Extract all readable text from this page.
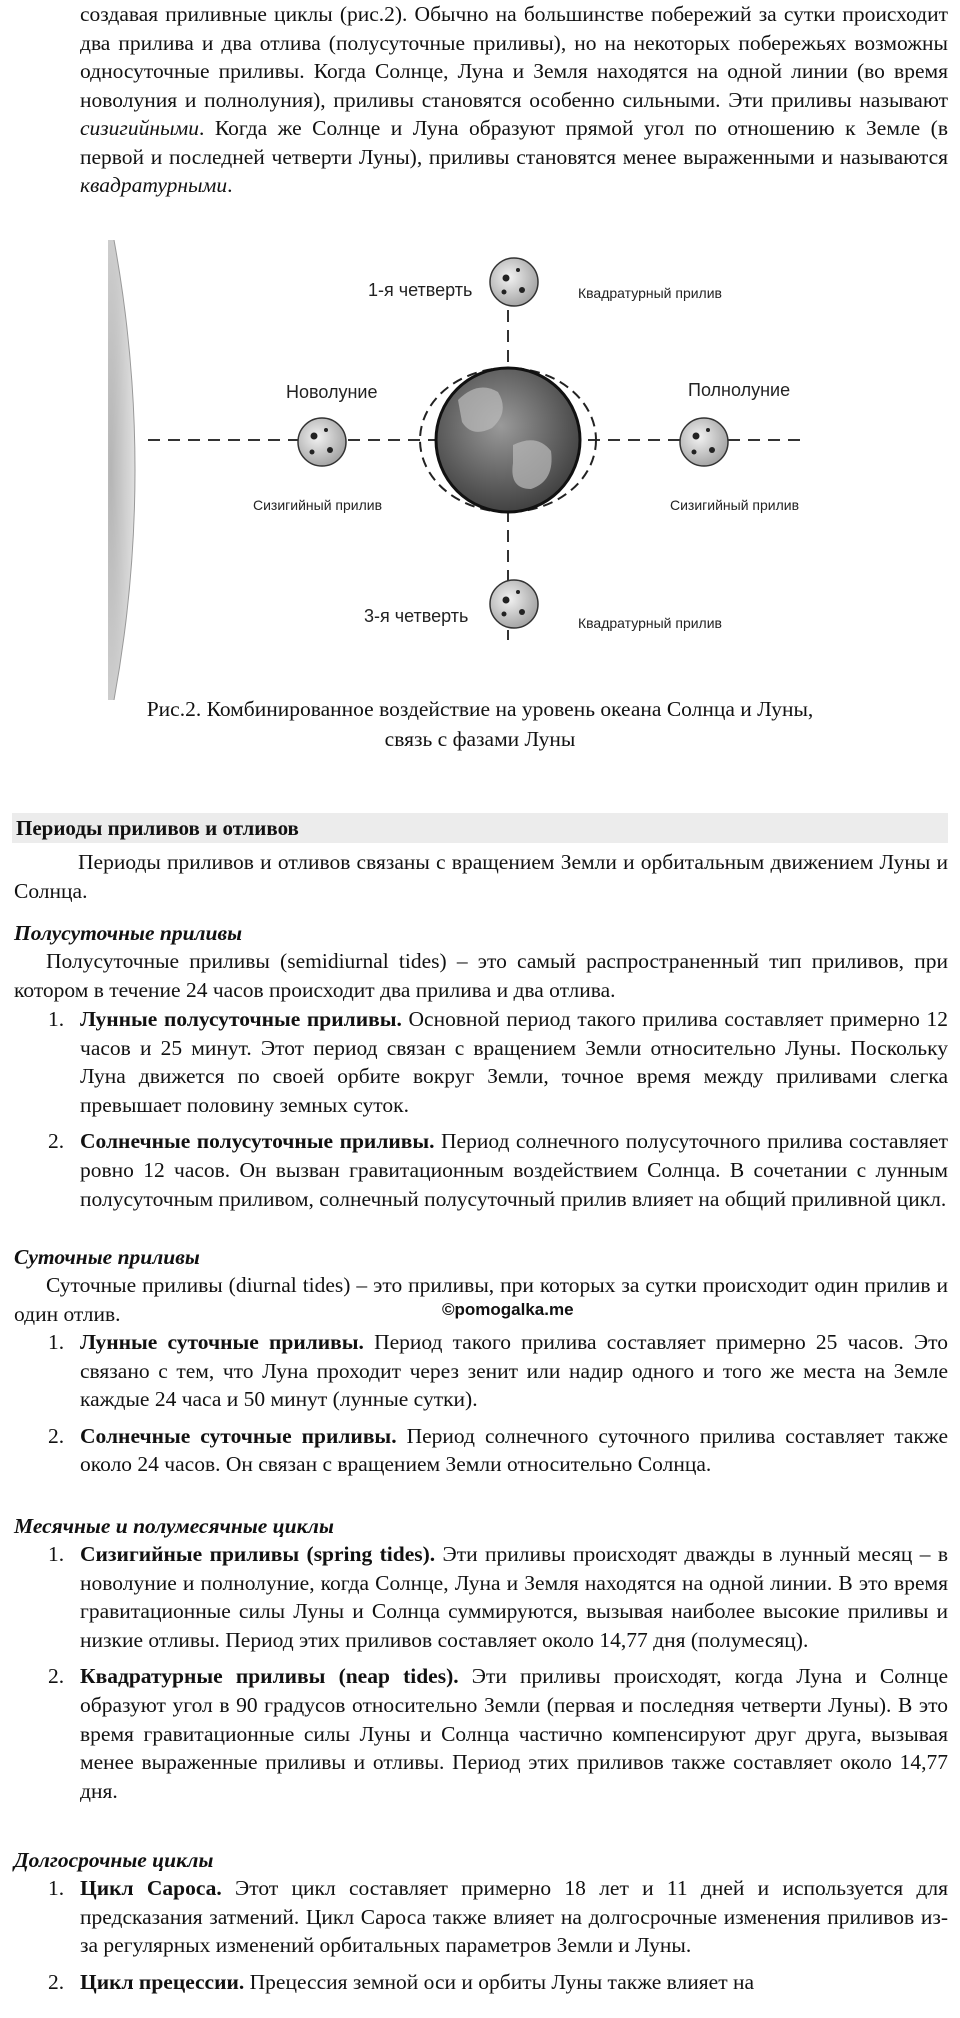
создавая приливные циклы (рис.2). Обычно на большинстве побережий за сутки происходит два прилива и два отлива (полусуточные приливы), но на некоторых побережьях возможны односуточные приливы. Когда Солнце, Луна и Земля находятся на одной линии (во время новолуния и полнолуния), приливы становятся особенно сильными. Эти приливы называют сизигийными. Когда же Солнце и Луна образуют прямой угол по отношению к Земле (в первой и последней четверти Луны), приливы становятся менее выраженными и называются квадратурными.

1-я четверть	Квадратурный прилив
Новолуние	Полнолуние
Сизигийный прилив	Сизигийный прилив
3-я четверть	Квадратурный прилив
Рис.2. Комбинированное воздействие на уровень океана Солнца и Луны,
связь с фазами Луны
Периоды приливов и отливов

Периоды приливов и отливов связаны с вращением Земли и орбитальным движением Луны и Солнца.

Полусуточные приливы

Полусуточные приливы (semidiurnal tides) – это самый распространенный тип приливов, при котором в течение 24 часов происходит два прилива и два отлива.

1. Лунные полусуточные приливы. Основной период такого прилива составляет примерно 12 часов и 25 минут. Этот период связан с вращением Земли относительно Луны. Поскольку Луна движется по своей орбите вокруг Земли, точное время между приливами слегка превышает половину земных суток.
2. Солнечные полусуточные приливы. Период солнечного полусуточного прилива составляет ровно 12 часов. Он вызван гравитационным воздействием Солнца. В сочетании с лунным полусуточным приливом, солнечный полусуточный прилив влияет на общий приливной цикл.
Суточные приливы

Суточные приливы (diurnal tides) – это приливы, при которых за сутки происходит один прилив и один отлив.	©pomogalka.me
1. Лунные суточные приливы. Период такого прилива составляет примерно 25 часов. Это связано с тем, что Луна проходит через зенит или надир одного и того же места на Земле каждые 24 часа и 50 минут (лунные сутки).
2. Солнечные суточные приливы. Период солнечного суточного прилива составляет также около 24 часов. Он связан с вращением Земли относительно Солнца.
Месячные и полумесячные циклы
1. Сизигийные приливы (spring tides). Эти приливы происходят дважды в лунный месяц – в новолуние и полнолуние, когда Солнце, Луна и Земля находятся на одной линии. В это время гравитационные силы Луны и Солнца суммируются, вызывая наиболее высокие приливы и низкие отливы. Период этих приливов составляет около 14,77 дня (полумесяц).
2. Квадратурные приливы (neap tides). Эти приливы происходят, когда Луна и Солнце образуют угол в 90 градусов относительно Земли (первая и последняя четверти Луны). В это время гравитационные силы Луны и Солнца частично компенсируют друг друга, вызывая менее выраженные приливы и отливы. Период этих приливов также составляет около 14,77 дня.
Долгосрочные циклы
1. Цикл Сароса. Этот цикл составляет примерно 18 лет и 11 дней и используется для предсказания затмений. Цикл Сароса также влияет на долгосрочные изменения приливов из-за регулярных изменений орбитальных параметров Земли и Луны.
2. Цикл прецессии. Прецессия земной оси и орбиты Луны также влияет на
